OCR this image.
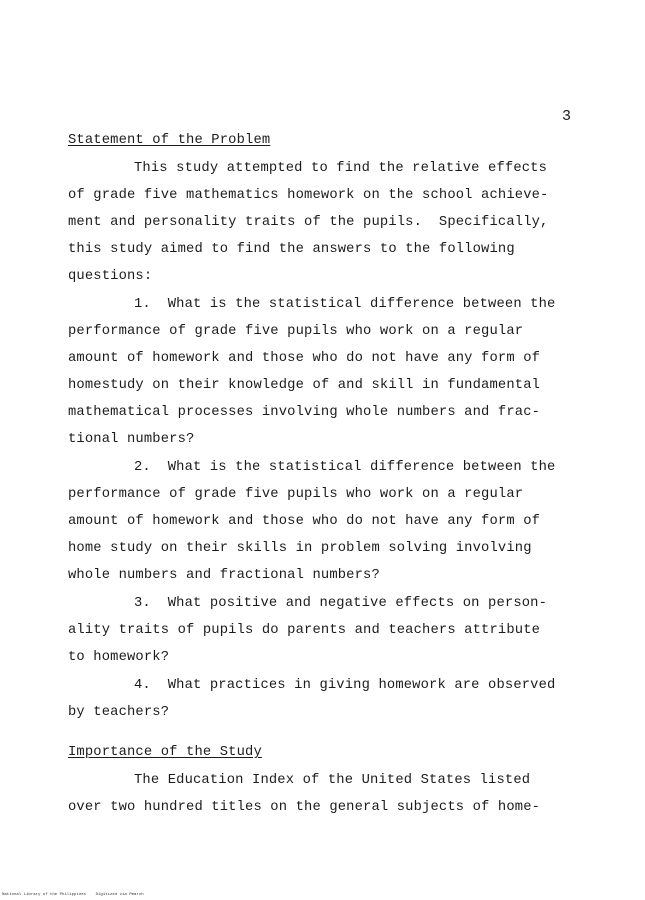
3
Statement of the Problem
This study attempted to find the relative effects
of grade five mathematics homework on the school achieve-
ment and personality traits of the pupils.  Specifically,
this study aimed to find the answers to the following
questions:
1.  What is the statistical difference between the
performance of grade five pupils who work on a regular
amount of homework and those who do not have any form of
homestudy on their knowledge of and skill in fundamental
mathematical processes involving whole numbers and frac-
tional numbers?
2.  What is the statistical difference between the
performance of grade five pupils who work on a regular
amount of homework and those who do not have any form of
home study on their skills in problem solving involving
whole numbers and fractional numbers?
3.  What positive and negative effects on person-
ality traits of pupils do parents and teachers attribute
to homework?
4.  What practices in giving homework are observed
by teachers?
Importance of the Study
The Education Index of the United States listed
over two hundred titles on the general subjects of home-
National Library of the Philippines    Digitized via Pmarch
